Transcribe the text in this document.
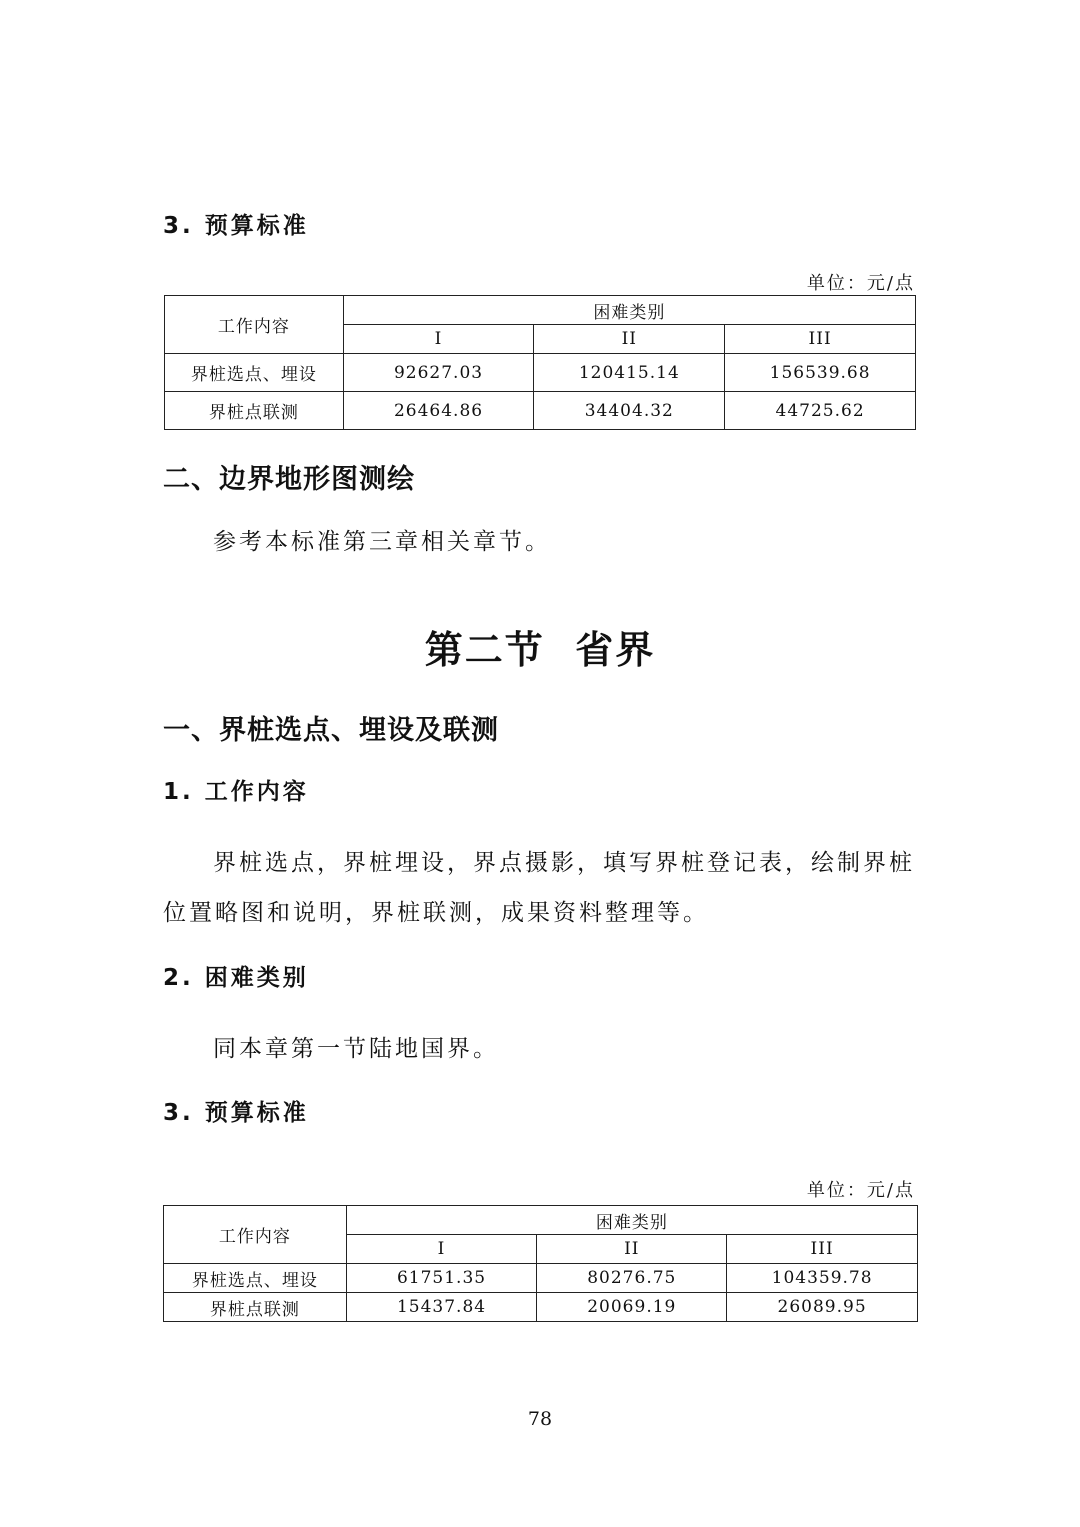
3. 预算标准
单位：元/点
工作内容	困难类别		
	I	II	III
界桩选点、埋设	92627.03	120415.14	156539.68
界桩点联测	26464.86	34404.32	44725.62
二、边界地形图测绘
参考本标准第三章相关章节。
第二节  省界
一、界桩选点、埋设及联测
1. 工作内容
界桩选点，界桩埋设，界点摄影，填写界桩登记表，绘制界桩位置略图和说明，界桩联测，成果资料整理等。
2. 困难类别
同本章第一节陆地国界。
3. 预算标准
单位：元/点
工作内容	困难类别		
	I	II	III
界桩选点、埋设	61751.35	80276.75	104359.78
界桩点联测	15437.84	20069.19	26089.95
78
